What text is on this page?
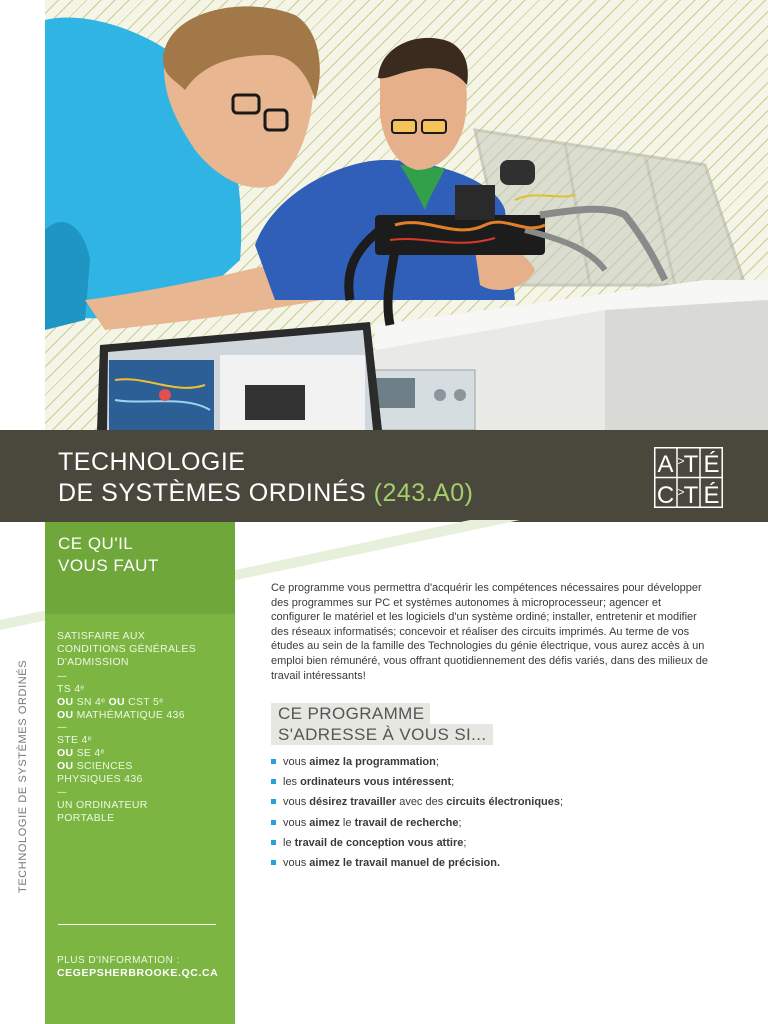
TECHNOLOGIE
DE SYSTÈMES ORDINÉS (243.A0)
A > T É
C > T É
CE QU'IL
VOUS FAUT
SATISFAIRE AUX
CONDITIONS GÉNÉRALES
D'ADMISSION
—
TS 4ᵉ
OU SN 4ᵉ OU CST 5ᵉ
OU MATHÉMATIQUE 436
—
STE 4ᵉ
OU SE 4ᵉ
OU SCIENCES
PHYSIQUES 436
—
UN ORDINATEUR
PORTABLE
PLUS D'INFORMATION :
CEGEPSHERBROOKE.QC.CA
TECHNOLOGIE DE SYSTÈMES ORDINÉS

Ce programme vous permettra d'acquérir les compétences nécessaires pour développer des programmes sur PC et systèmes autonomes à microprocesseur; agencer et configurer le matériel et les logiciels d'un système ordiné; installer, entretenir et modifier des réseaux informatisés; concevoir et réaliser des circuits imprimés. Au terme de vos études au sein de la famille des Technologies du génie électrique, vous aurez accès à un emploi bien rémunéré, vous offrant quotidiennement des défis variés, dans des milieux de travail intéressants!

CE PROGRAMME
S'ADRESSE À VOUS SI...
vous aimez la programmation;
les ordinateurs vous intéressent;
vous désirez travailler avec des circuits électroniques;
vous aimez le travail de recherche;
le travail de conception vous attire;
vous aimez le travail manuel de précision.
